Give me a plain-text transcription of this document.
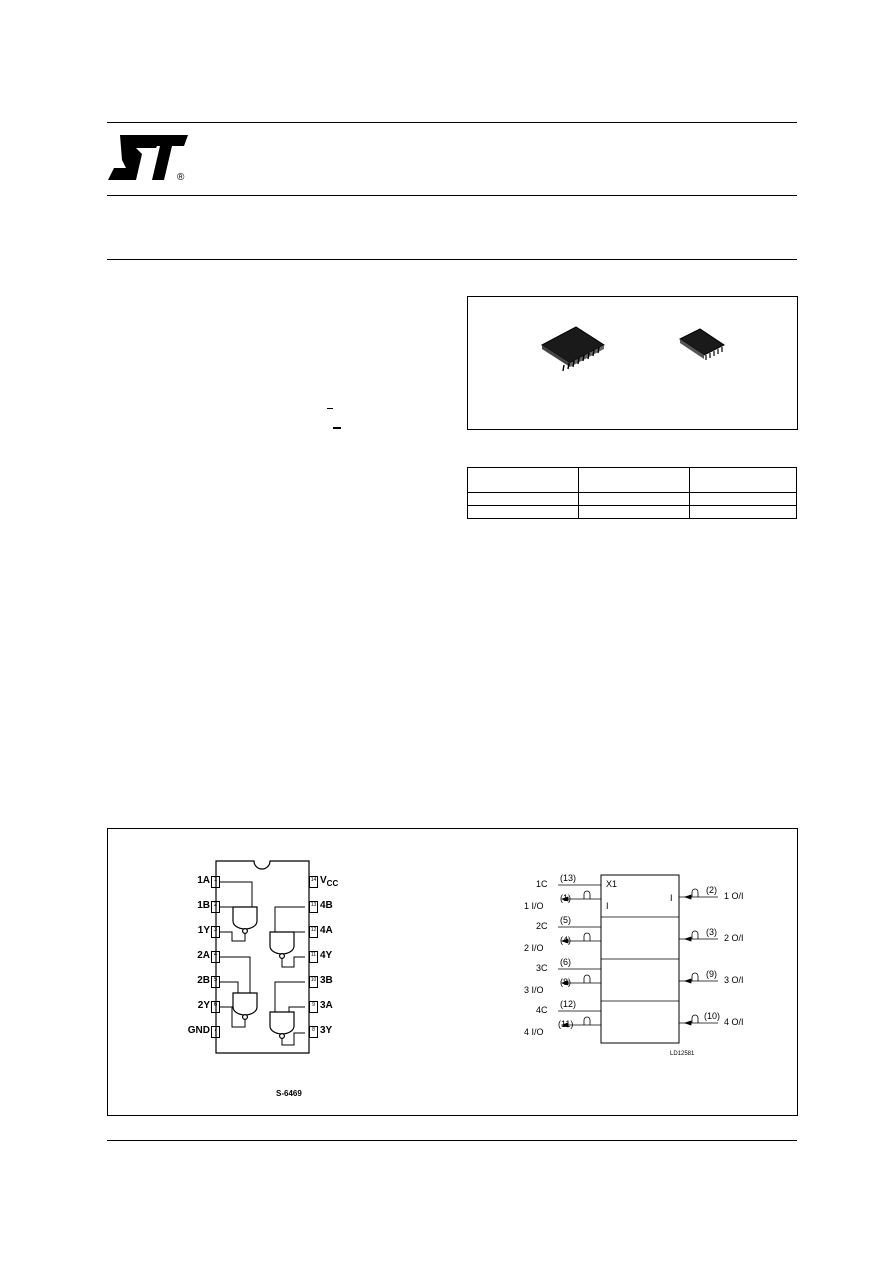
®

1A 1
1B 2
1Y 3
2A 4
2B 5
2Y 6
GND 7
14 $V_{CC}$
13 4B
12 4A
11 4Y
10 3B
9 3A
8 3Y
S-6469
X1
I
I
1C
(13)
1 I/O
(1)
(2)
1 O/I
2C
(5)
2 I/O
(4)
(3)
2 O/I
3C
(6)
3 I/O
(8)
(9)
3 O/I
4C
(12)
4 I/O
(11)
(10)
4 O/I
LD12581
